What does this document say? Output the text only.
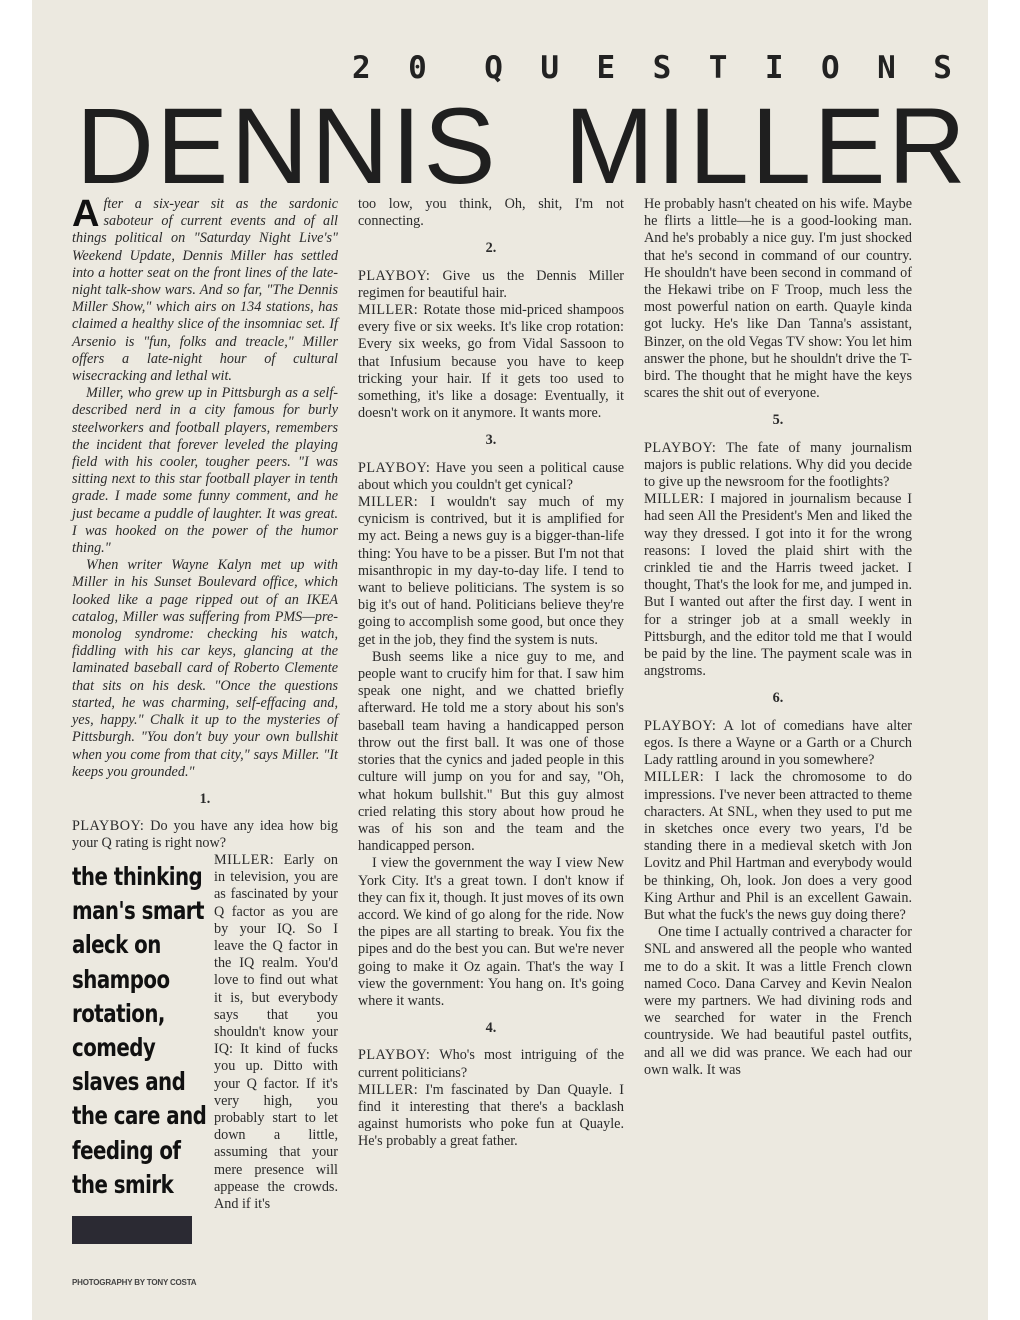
2 0 Q U E S T I O N S
D E N N I S M I L L E R

After a six-year sit as the sardonic saboteur of current events and of all things political on "Saturday Night Live's" Weekend Update, Dennis Miller has settled into a hotter seat on the front lines of the late-night talk-show wars. And so far, "The Dennis Miller Show," which airs on 134 stations, has claimed a healthy slice of the insomniac set. If Arsenio is "fun, folks and treacle," Miller offers a late-night hour of cultural wisecracking and lethal wit.

Miller, who grew up in Pittsburgh as a self-described nerd in a city famous for burly steelworkers and football players, remembers the incident that forever leveled the playing field with his cooler, tougher peers. "I was sitting next to this star football player in tenth grade. I made some funny comment, and he just became a puddle of laughter. It was great. I was hooked on the power of the humor thing."

When writer Wayne Kalyn met up with Miller in his Sunset Boulevard office, which looked like a page ripped out of an IKEA catalog, Miller was suffering from PMS—pre-monolog syndrome: checking his watch, fiddling with his car keys, glancing at the laminated baseball card of Roberto Clemente that sits on his desk. "Once the questions started, he was charming, self-effacing and, yes, happy." Chalk it up to the mysteries of Pittsburgh. "You don't buy your own bullshit when you come from that city," says Miller. "It keeps you grounded."

1.

PLAYBOY: Do you have any idea how big your Q rating is right now?

the thinking
man's smart
aleck on
shampoo
rotation,
comedy
slaves and
the care and
feeding of
the smirk

MILLER: Early on in television, you are as fascinated by your Q factor as you are by your IQ. So I leave the Q factor in the IQ realm. You'd love to find out what it is, but everybody says that you shouldn't know your IQ: It kind of fucks you up. Ditto with your Q factor. If it's very high, you probably start to let down a little, assuming that your mere presence will appease the crowds. And if it's

too low, you think, Oh, shit, I'm not connecting.

2.

PLAYBOY: Give us the Dennis Miller regimen for beautiful hair.

MILLER: Rotate those mid-priced shampoos every five or six weeks. It's like crop rotation: Every six weeks, go from Vidal Sassoon to that Infusium because you have to keep tricking your hair. If it gets too used to something, it's like a dosage: Eventually, it doesn't work on it anymore. It wants more.

3.

PLAYBOY: Have you seen a political cause about which you couldn't get cynical?

MILLER: I wouldn't say much of my cynicism is contrived, but it is amplified for my act. Being a news guy is a bigger-than-life thing: You have to be a pisser. But I'm not that misanthropic in my day-to-day life. I tend to want to believe politicians. The system is so big it's out of hand. Politicians believe they're going to accomplish some good, but once they get in the job, they find the system is nuts.

Bush seems like a nice guy to me, and people want to crucify him for that. I saw him speak one night, and we chatted briefly afterward. He told me a story about his son's baseball team having a handicapped person throw out the first ball. It was one of those stories that the cynics and jaded people in this culture will jump on you for and say, "Oh, what hokum bullshit." But this guy almost cried relating this story about how proud he was of his son and the team and the handicapped person.

I view the government the way I view New York City. It's a great town. I don't know if they can fix it, though. It just moves of its own accord. We kind of go along for the ride. Now the pipes are all starting to break. You fix the pipes and do the best you can. But we're never going to make it Oz again. That's the way I view the government: You hang on. It's going where it wants.

4.

PLAYBOY: Who's most intriguing of the current politicians?

MILLER: I'm fascinated by Dan Quayle. I find it interesting that there's a backlash against humorists who poke fun at Quayle. He's probably a great father.

He probably hasn't cheated on his wife. Maybe he flirts a little—he is a good-looking man. And he's probably a nice guy. I'm just shocked that he's second in command of our country. He shouldn't have been second in command of the Hekawi tribe on F Troop, much less the most powerful nation on earth. Quayle kinda got lucky. He's like Dan Tanna's assistant, Binzer, on the old Vegas TV show: You let him answer the phone, but he shouldn't drive the T-bird. The thought that he might have the keys scares the shit out of everyone.

5.

PLAYBOY: The fate of many journalism majors is public relations. Why did you decide to give up the newsroom for the footlights?

MILLER: I majored in journalism because I had seen All the President's Men and liked the way they dressed. I got into it for the wrong reasons: I loved the plaid shirt with the crinkled tie and the Harris tweed jacket. I thought, That's the look for me, and jumped in. But I wanted out after the first day. I went in for a stringer job at a small weekly in Pittsburgh, and the editor told me that I would be paid by the line. The payment scale was in angstroms.

6.

PLAYBOY: A lot of comedians have alter egos. Is there a Wayne or a Garth or a Church Lady rattling around in you somewhere?

MILLER: I lack the chromosome to do impressions. I've never been attracted to theme characters. At SNL, when they used to put me in sketches once every two years, I'd be standing there in a medieval sketch with Jon Lovitz and Phil Hartman and everybody would be thinking, Oh, look. Jon does a very good King Arthur and Phil is an excellent Gawain. But what the fuck's the news guy doing there?

One time I actually contrived a character for SNL and answered all the people who wanted me to do a skit. It was a little French clown named Coco. Dana Carvey and Kevin Nealon were my partners. We had divining rods and we searched for water in the French countryside. We had beautiful pastel outfits, and all we did was prance. We each had our own walk. It was

PHOTOGRAPHY BY TONY COSTA
